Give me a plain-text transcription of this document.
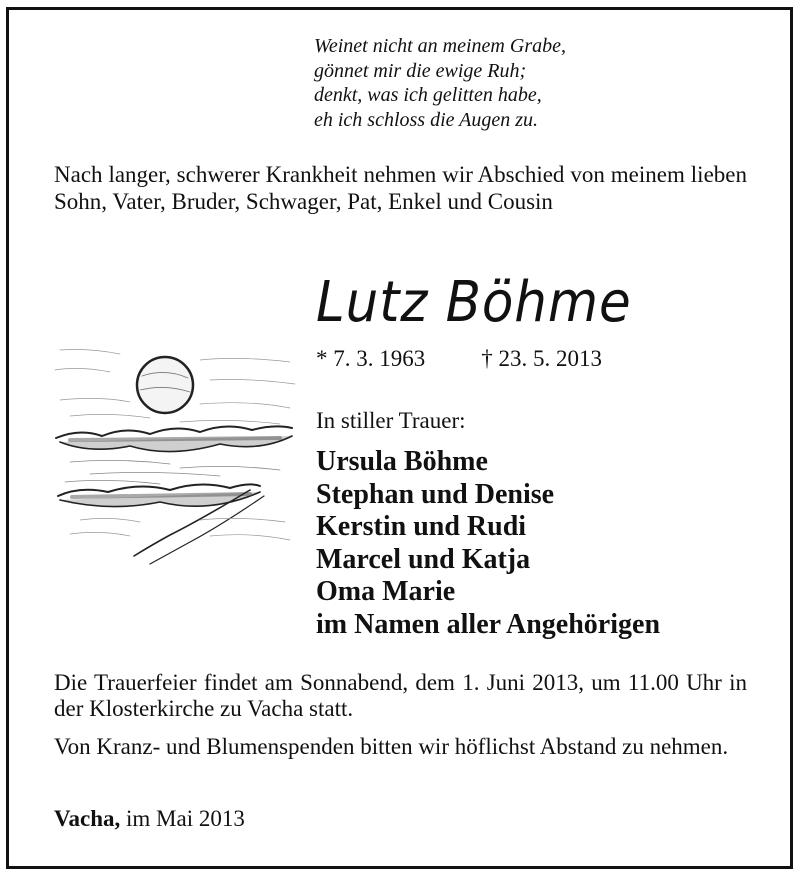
Weinet nicht an meinem Grabe,
gönnet mir die ewige Ruh;
denkt, was ich gelitten habe,
eh ich schloss die Augen zu.
Nach langer, schwerer Krankheit nehmen wir Abschied von meinem lieben Sohn, Vater, Bruder, Schwager, Pat, Enkel und Cousin
Lutz Böhme
* 7. 3. 1963 † 23. 5. 2013
In stiller Trauer:
Ursula Böhme
Stephan und Denise
Kerstin und Rudi
Marcel und Katja
Oma Marie
im Namen aller Angehörigen
Die Trauerfeier findet am Sonnabend, dem 1. Juni 2013, um 11.00 Uhr in der Klosterkirche zu Vacha statt.
Von Kranz- und Blumenspenden bitten wir höflichst Abstand zu nehmen.
Vacha, im Mai 2013
